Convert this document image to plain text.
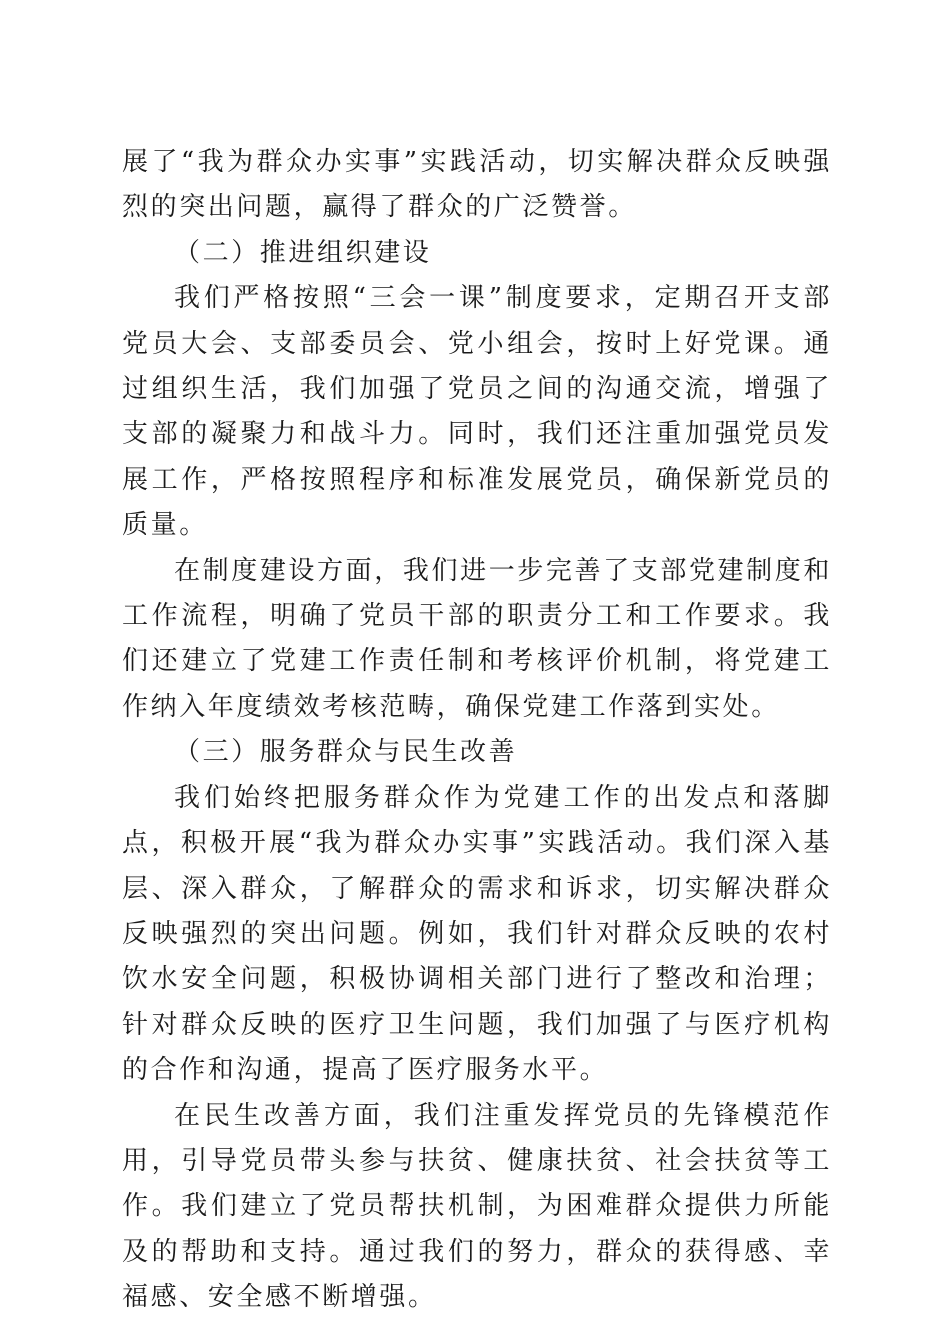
展了“我为群众办实事”实践活动，切实解决群众反映强烈的突出问题，赢得了群众的广泛赞誉。

（二）推进组织建设

我们严格按照“三会一课”制度要求，定期召开支部党员大会、支部委员会、党小组会，按时上好党课。通过组织生活，我们加强了党员之间的沟通交流，增强了支部的凝聚力和战斗力。同时，我们还注重加强党员发展工作，严格按照程序和标准发展党员，确保新党员的质量。

在制度建设方面，我们进一步完善了支部党建制度和工作流程，明确了党员干部的职责分工和工作要求。我们还建立了党建工作责任制和考核评价机制，将党建工作纳入年度绩效考核范畴，确保党建工作落到实处。

（三）服务群众与民生改善

我们始终把服务群众作为党建工作的出发点和落脚点，积极开展“我为群众办实事”实践活动。我们深入基层、深入群众，了解群众的需求和诉求，切实解决群众反映强烈的突出问题。例如，我们针对群众反映的农村饮水安全问题，积极协调相关部门进行了整改和治理；针对群众反映的医疗卫生问题，我们加强了与医疗机构的合作和沟通，提高了医疗服务水平。

在民生改善方面，我们注重发挥党员的先锋模范作用，引导党员带头参与扶贫、健康扶贫、社会扶贫等工作。我们建立了党员帮扶机制，为困难群众提供力所能及的帮助和支持。通过我们的努力，群众的获得感、幸福感、安全感不断增强。
